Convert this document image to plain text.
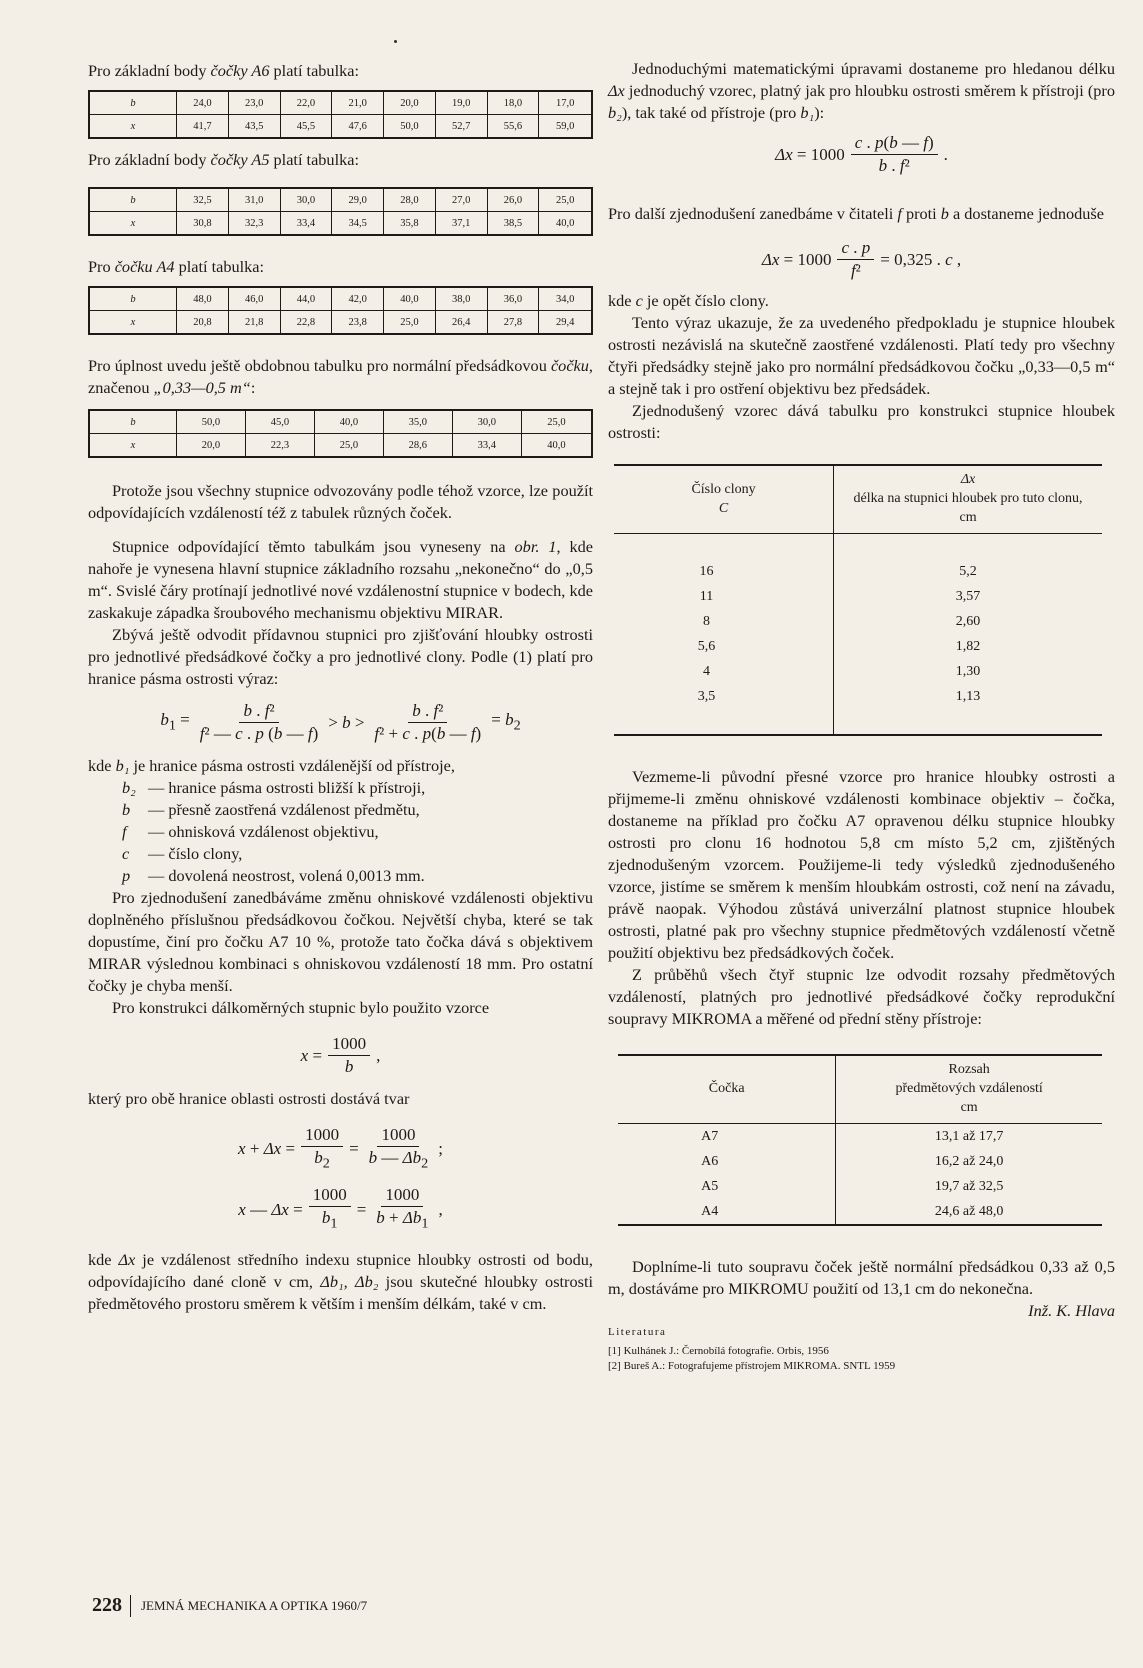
Pro základní body čočky A6 platí tabulka:

b	24,0	23,0	22,0	21,0	20,0	19,0	18,0	17,0
x	41,7	43,5	45,5	47,6	50,0	52,7	55,6	59,0

Pro základní body čočky A5 platí tabulka:

b	32,5	31,0	30,0	29,0	28,0	27,0	26,0	25,0
x	30,8	32,3	33,4	34,5	35,8	37,1	38,5	40,0

Pro čočku A4 platí tabulka:

b	48,0	46,0	44,0	42,0	40,0	38,0	36,0	34,0
x	20,8	21,8	22,8	23,8	25,0	26,4	27,8	29,4

Pro úplnost uvedu ještě obdobnou tabulku pro normální předsádkovou čočku, značenou „0,33—0,5 m“:

b	50,0	45,0	40,0	35,0	30,0	25,0
x	20,0	22,3	25,0	28,6	33,4	40,0

Protože jsou všechny stupnice odvozovány podle téhož vzorce, lze použít odpovídajících vzdáleností též z tabulek různých čoček.

Stupnice odpovídající těmto tabulkám jsou vyneseny na obr. 1, kde nahoře je vynesena hlavní stupnice základního rozsahu „nekonečno“ do „0,5 m“. Svislé čáry protínají jednotlivé nové vzdálenostní stupnice v bodech, kde zaskakuje západka šroubového mechanismu objektivu MIRAR.

Zbývá ještě odvodit přídavnou stupnici pro zjišťování hloubky ostrosti pro jednotlivé předsádkové čočky a pro jednotlivé clony. Podle (1) platí pro hranice pásma ostrosti výraz:

$b_1 = \frac{\text{b . f²}}{\text{f² — c . p (b — f)}} > b > \frac{\text{b . f²}}{\text{f² + c . p(b — f)}} = b_2$
kde b₁ je hranice pásma ostrosti vzdálenější od přístroje,
b₂ — hranice pásma ostrosti bližší k přístroji,
b — přesně zaostřená vzdálenost předmětu,
f — ohnisková vzdálenost objektivu,
c — číslo clony,
p — dovolená neostrost, volená 0,0013 mm.

Pro zjednodušení zanedbáváme změnu ohniskové vzdálenosti objektivu doplněného příslušnou předsádkovou čočkou. Největší chyba, které se tak dopustíme, činí pro čočku A7 10 %, protože tato čočka dává s objektivem MIRAR výslednou kombinaci s ohniskovou vzdáleností 18 mm. Pro ostatní čočky je chyba menší.

Pro konstrukci dálkoměrných stupnic bylo použito vzorce

$x = \frac{1000}{b}$ ,

který pro obě hranice oblasti ostrosti dostává tvar

$x + \Delta x = \frac{1000}{b_2} = \frac{1000}{b — \Delta b_2}$ ;
x — $\Delta x = \frac{1000}{b_1} = \frac{1000}{b + \Delta b_1}$ ,

kde Δx je vzdálenost středního indexu stupnice hloubky ostrosti od bodu, odpovídajícího dané cloně v cm, Δb₁, Δb₂ jsou skutečné hloubky ostrosti předmětového prostoru směrem k větším i menším délkám, také v cm.

Jednoduchými matematickými úpravami dostaneme pro hledanou délku Δx jednoduchý vzorec, platný jak pro hloubku ostrosti směrem k přístroji (pro b₂), tak také od přístroje (pro b₁):

$\Delta x = 1000 \frac{c . p(b — f)}{\text{b . f²}}$ .

Pro další zjednodušení zanedbáme v čitateli f proti b a dostaneme jednoduše

$\Delta x = 1000 \frac{c . p}{\text{f²}} = 0,325$ . c ,

kde c je opět číslo clony.

Tento výraz ukazuje, že za uvedeného předpokladu je stupnice hloubek ostrosti nezávislá na skutečně zaostřené vzdálenosti. Platí tedy pro všechny čtyři předsádky stejně jako pro normální předsádkovou čočku „0,33—0,5 m“ a stejně tak i pro ostření objektivu bez předsádek.

Zjednodušený vzorec dává tabulku pro konstrukci stupnice hloubek ostrosti:

Číslo clony
C	Δx
délka na stupnici hloubek pro tuto clonu,
cm

16	5,2
11	3,57
8	2,60
5,6	1,82
4	1,30
3,5	1,13

Vezmeme-li původní přesné vzorce pro hranice hloubky ostrosti a přijmeme-li změnu ohniskové vzdálenosti kombinace objektiv – čočka, dostaneme na příklad pro čočku A7 opravenou délku stupnice hloubky ostrosti pro clonu 16 hodnotou 5,8 cm místo 5,2 cm, zjištěných zjednodušeným vzorcem. Použijeme-li tedy výsledků zjednodušeného vzorce, jistíme se směrem k menším hloubkám ostrosti, což není na závadu, právě naopak. Výhodou zůstává univerzální platnost stupnice hloubek ostrosti, platné pak pro všechny stupnice předmětových vzdáleností včetně použití objektivu bez předsádkových čoček.

Z průběhů všech čtyř stupnic lze odvodit rozsahy předmětových vzdáleností, platných pro jednotlivé předsádkové čočky reprodukční soupravy MIKROMA a měřené od přední stěny přístroje:

Čočka	Rozsah
předmětových vzdáleností
cm
A7	13,1 až 17,7
A6	16,2 až 24,0
A5	19,7 až 32,5
A4	24,6 až 48,0

Doplníme-li tuto soupravu čoček ještě normální předsádkou 0,33 až 0,5 m, dostáváme pro MIKROMU použití od 13,1 cm do nekonečna.
Inž. K. Hlava

Literatura
[1] Kulhánek J.: Černobílá fotografie. Orbis, 1956
[2] Bureš A.: Fotografujeme přístrojem MIKROMA. SNTL 1959
228 JEMNÁ MECHANIKA A OPTIKA 1960/7
